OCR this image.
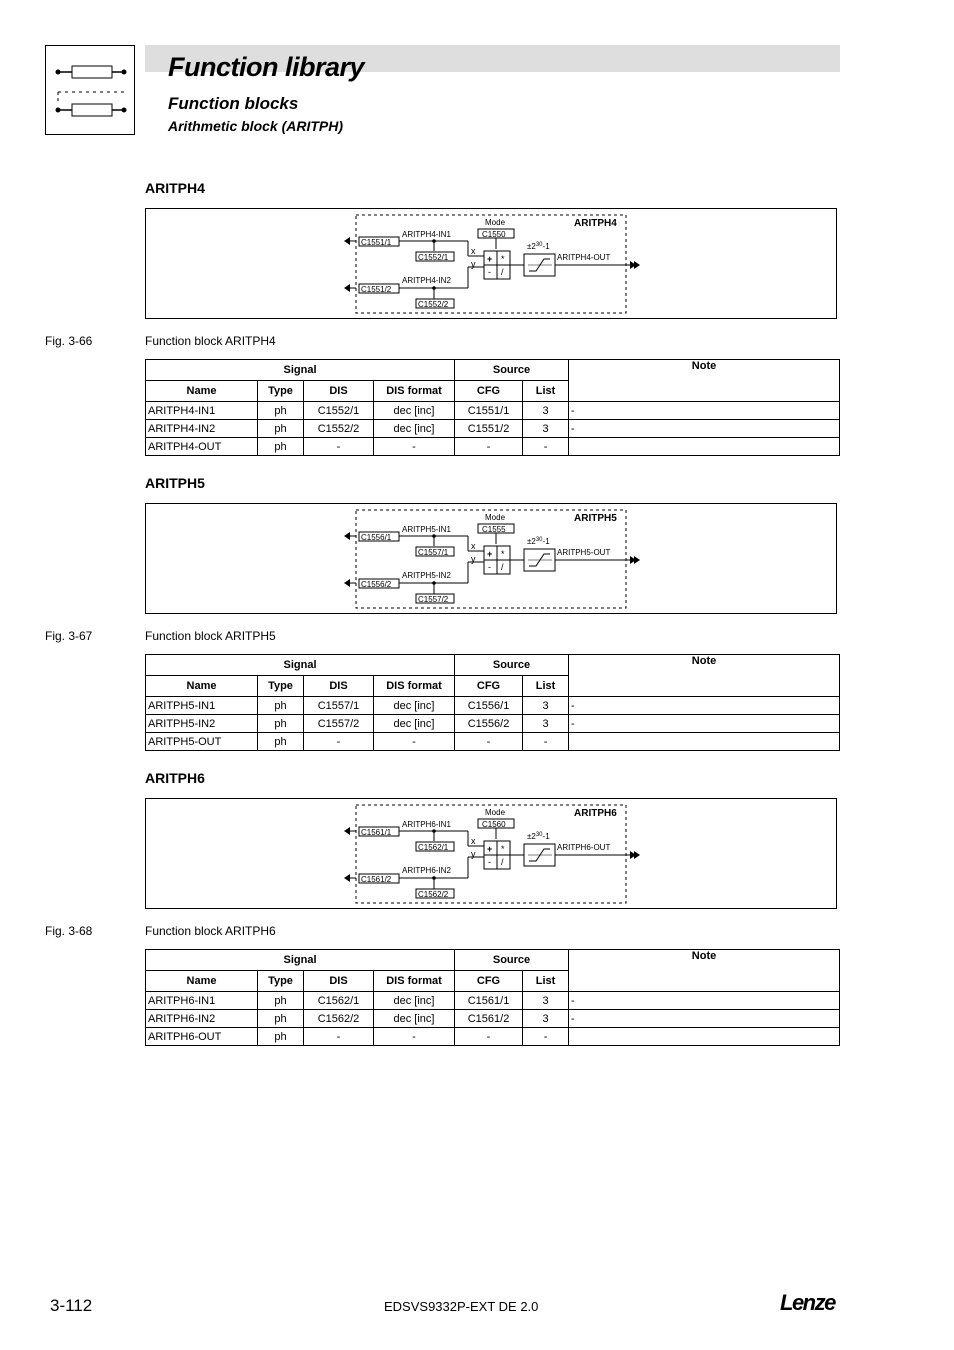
Function library
Function blocks
Arithmetic block (ARITPH)
ARITPH4
ARITPH4
Mode
C1550
C1551/1
ARITPH4-IN1
C1552/1
C1551/2
ARITPH4-IN2
C1552/2
x
y + *
- /
$\pm 2^{30}-1$
ARITPH4-OUT
Fig. 3-66	Function block ARITPH4
Signal				Source		Note
Name	Type	DIS	DIS format	CFG	List	
ARITPH4-IN1	ph	C1552/1	dec [inc]	C1551/1	3	-
ARITPH4-IN2	ph	C1552/2	dec [inc]	C1551/2	3	-
ARITPH4-OUT	ph	-	-	-	-	
ARITPH5
ARITPH5
Mode
C1555
C1556/1
ARITPH5-IN1
C1557/1
C1556/2
ARITPH5-IN2
C1557/2
x
y + *
- /
$\pm 2^{30}-1$
ARITPH5-OUT
Fig. 3-67	Function block ARITPH5
Signal				Source		Note
Name	Type	DIS	DIS format	CFG	List	
ARITPH5-IN1	ph	C1557/1	dec [inc]	C1556/1	3	-
ARITPH5-IN2	ph	C1557/2	dec [inc]	C1556/2	3	-
ARITPH5-OUT	ph	-	-	-	-	
ARITPH6
ARITPH6
Mode
C1560
C1561/1
ARITPH6-IN1
C1562/1
C1561/2
ARITPH6-IN2
C1562/2
x
y + *
- /
$\pm 2^{30}-1$
ARITPH6-OUT
Fig. 3-68	Function block ARITPH6
Signal				Source		Note
Name	Type	DIS	DIS format	CFG	List	
ARITPH6-IN1	ph	C1562/1	dec [inc]	C1561/1	3	-
ARITPH6-IN2	ph	C1562/2	dec [inc]	C1561/2	3	-
ARITPH6-OUT	ph	-	-	-	-	
3-112	EDSVS9332P-EXT DE 2.0	Lenze
